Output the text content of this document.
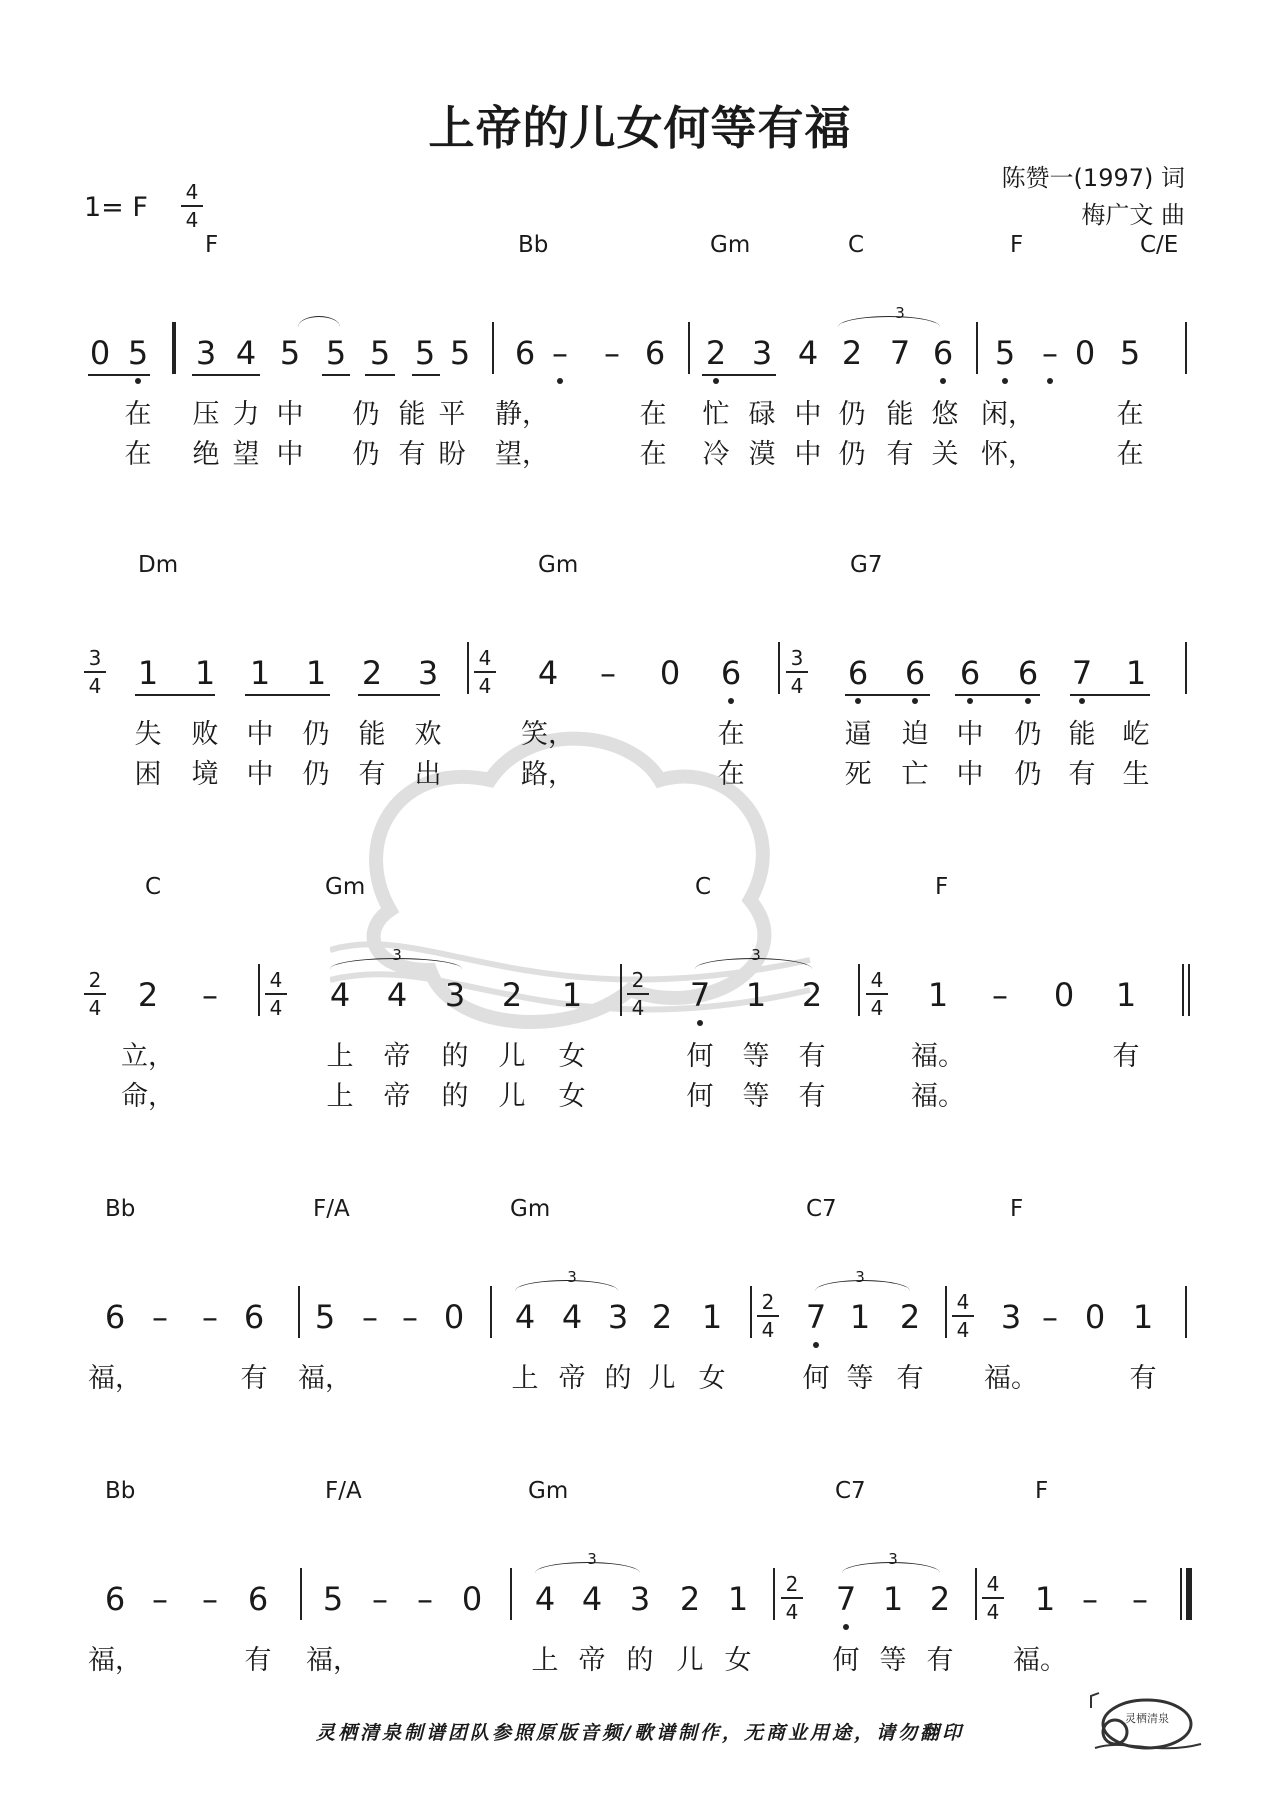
上帝的儿女何等有福
陈赞一(1997) 词
梅广文 曲
1= F 4
4
灵栖清泉
灵栖清泉制谱团队参照原版音频/歌谱制作，无商业用途，请勿翻印
F	Bb	Gm	C	F	C/E
0 5 3 4 5 5 5 5 5 6 – – 6 2 3 4 2 7 6 5 – 0 5
3
在 压 力 中 仍 能 平 静，	在 忙 碌 中 仍 能 悠 闲，	在
在 绝 望 中 仍 有 盼 望，	在 冷 漠 中 仍 有 关 怀，	在
Dm	Gm	G7
1 1 1 1 2 3	4 – 0 6	6 6 6 6 7 1
3
4
4
4
3
4
失 败 中 仍 能 欢	笑，	在	逼 迫 中 仍 能 屹
困 境 中 仍 有 出	路，	在	死 亡 中 仍 有 生
C	Gm	C	F
2 –	4 4 3 2 1	7 1 2	1 – 0 1
3	3
2
4
4
4
2
4
4
4
立，	上 帝 的 儿 女	何 等 有	福。	有
命，	上 帝 的 儿 女	何 等 有	福。
Bb	F/A	Gm	C7	F
6 – – 6 5 – – 0 4 4 3 2 1	7 1 2	3 – 0 1
3	3
2
4
4
4
福，	有 福，	上 帝 的 儿 女	何 等 有 福。	有
Bb	F/A	Gm	C7	F
6 – – 6 5 – – 0 4 4 3 2 1	7 1 2	1 – –
3	3
2
4
4
4
福，	有 福，	上 帝 的 儿 女	何 等 有 福。
